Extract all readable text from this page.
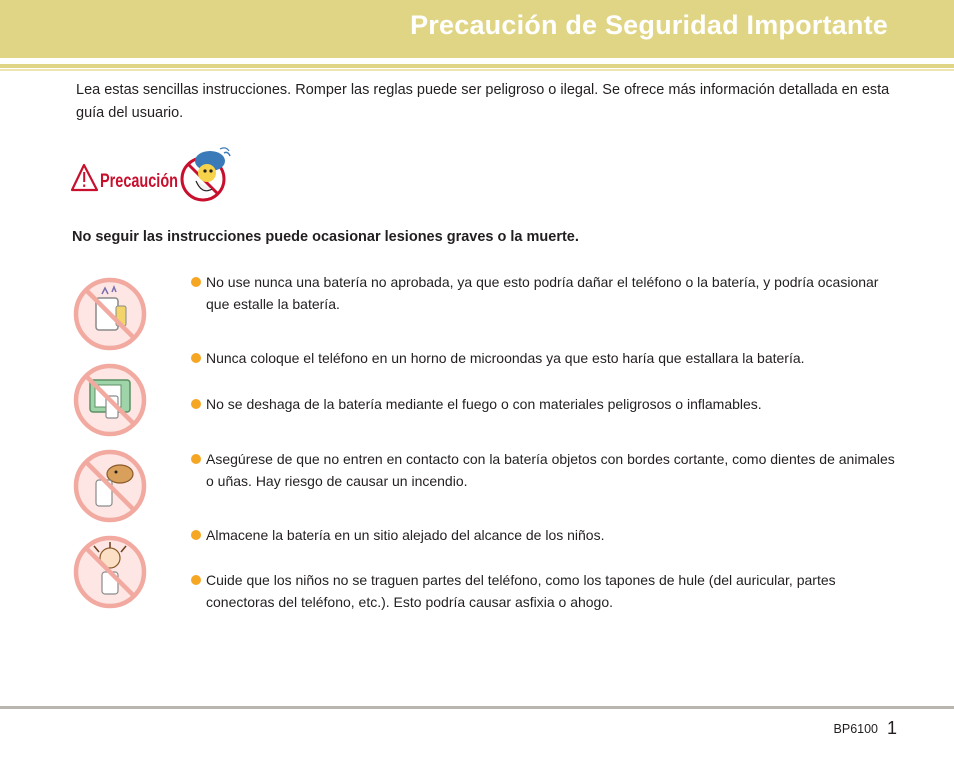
Precaución de Seguridad Importante
Lea estas sencillas instrucciones. Romper las reglas puede ser peligroso o ilegal. Se ofrece más información detallada en esta guía del usuario.
Precaución
No seguir las instrucciones puede ocasionar lesiones graves o la muerte.
No use nunca una batería no aprobada, ya que esto podría dañar el teléfono o la batería, y podría ocasionar que estalle la batería.
Nunca coloque el teléfono en un horno de microondas ya que esto haría que estallara la batería.
No se deshaga de la batería mediante el fuego o con materiales peligrosos o inflamables.
Asegúrese de que no entren en contacto con la batería objetos con bordes cortante, como dientes de animales o uñas. Hay riesgo de causar un incendio.
Almacene la batería en un sitio alejado del alcance de los niños.
Cuide que los niños no se traguen partes del teléfono, como los tapones de hule (del auricular, partes conectoras del teléfono, etc.). Esto podría causar asfixia o ahogo.
BP6100 1
